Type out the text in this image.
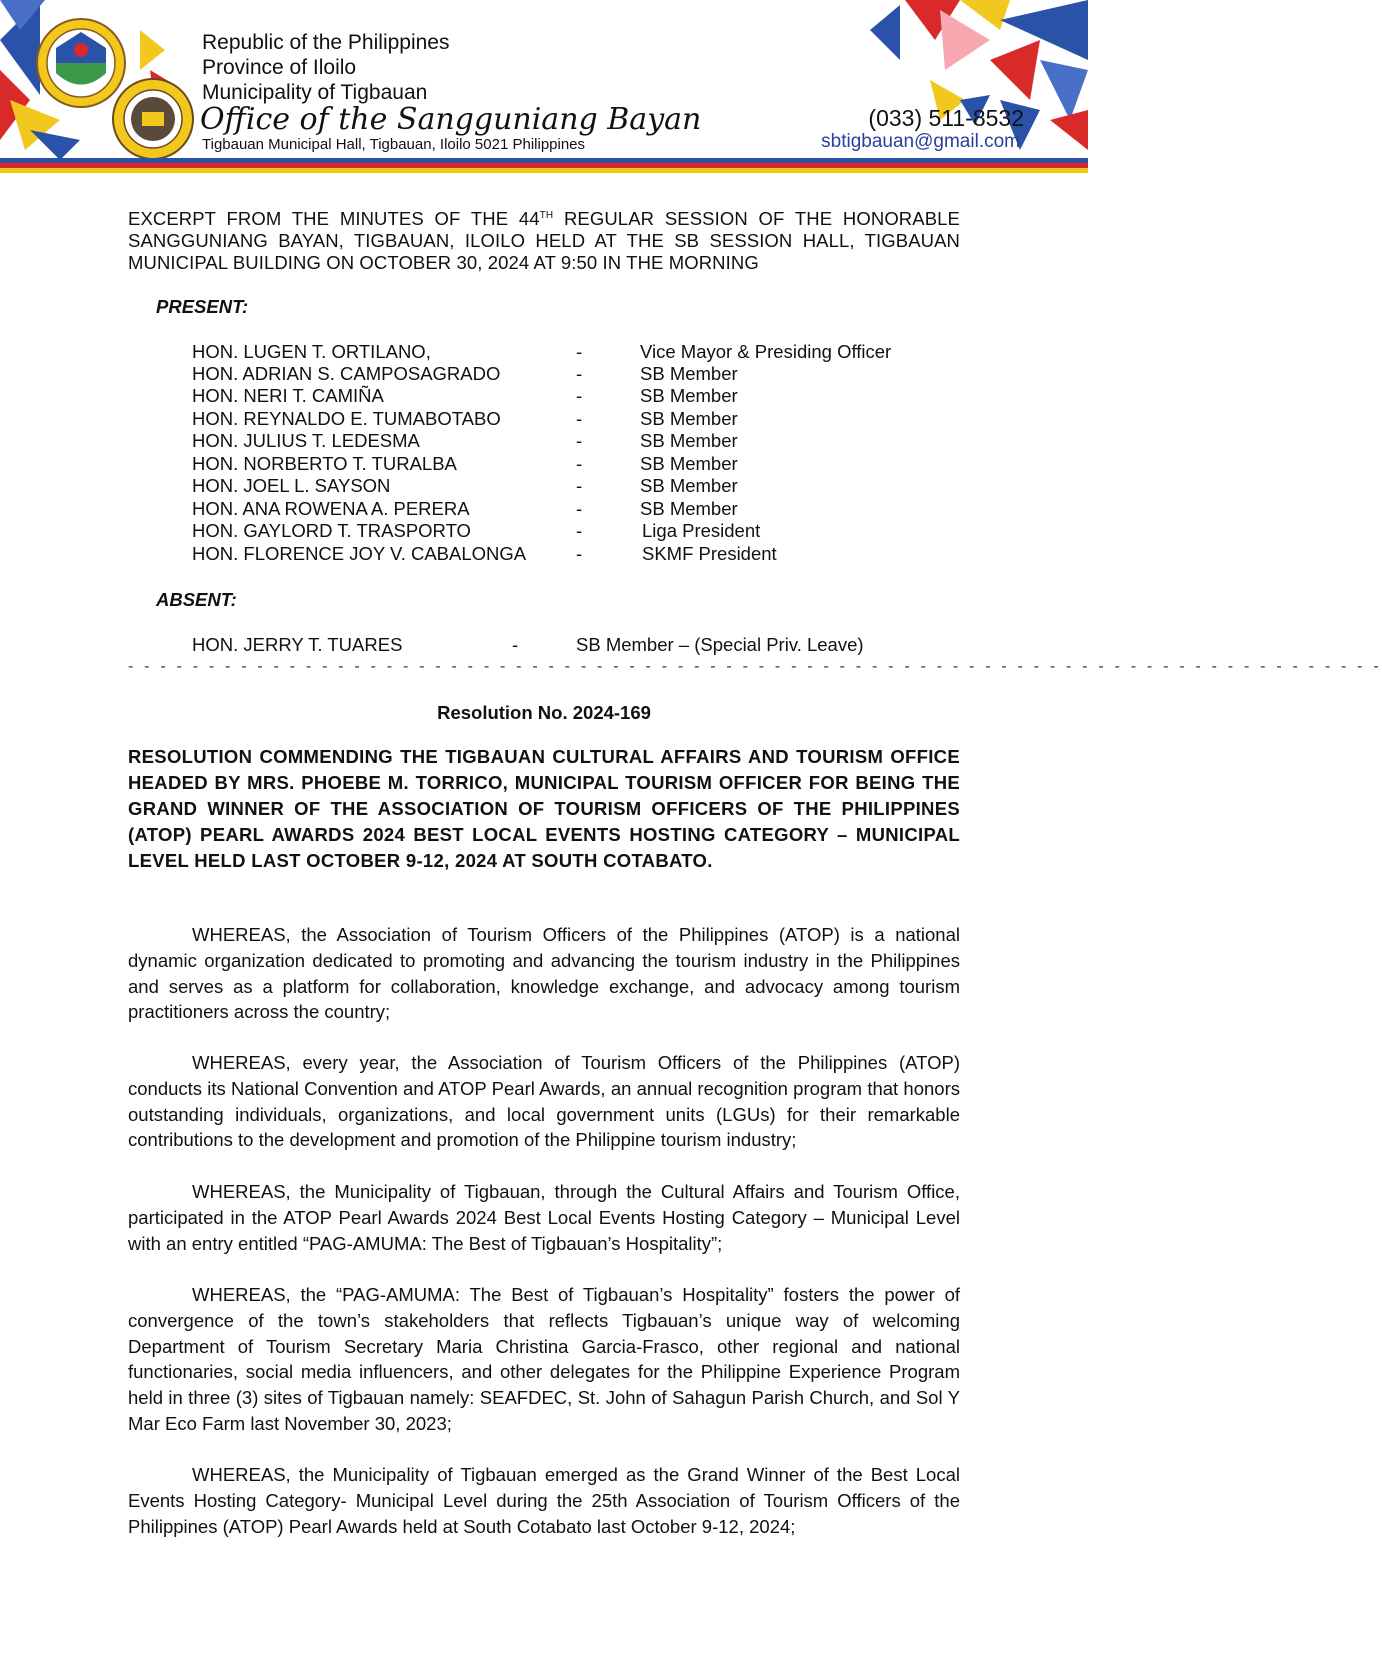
Republic of the Philippines
Province of Iloilo
Municipality of Tigbauan
Office of the Sangguniang Bayan
Tigbauan Municipal Hall, Tigbauan, Iloilo 5021 Philippines
(033) 511-8532
sbtigbauan@gmail.com
EXCERPT FROM THE MINUTES OF THE 44TH REGULAR SESSION OF THE HONORABLE SANGGUNIANG BAYAN, TIGBAUAN, ILOILO HELD AT THE SB SESSION HALL, TIGBAUAN MUNICIPAL BUILDING ON OCTOBER 30, 2024 AT 9:50 IN THE MORNING
PRESENT:
HON. LUGEN T. ORTILANO,	-	Vice Mayor & Presiding Officer
HON. ADRIAN S. CAMPOSAGRADO	-	SB Member
HON. NERI T. CAMIÑA	-	SB Member
HON. REYNALDO E. TUMABOTABO	-	SB Member
HON. JULIUS T. LEDESMA	-	SB Member
HON. NORBERTO T. TURALBA	-	SB Member
HON. JOEL L. SAYSON	-	SB Member
HON. ANA ROWENA A. PERERA	-	SB Member
HON. GAYLORD T. TRASPORTO	-	Liga President
HON. FLORENCE JOY V. CABALONGA	-	SKMF President
ABSENT:
HON. JERRY T. TUARES	-	SB Member – (Special Priv. Leave)
- - - - - - - - - - - - - - - - - - - - - - - - - - - - - - - - - - - - - - - - - - - - - - - - - - - - - - - - - - - - - - - - - - - - - - - - - - - - - -
Resolution No. 2024-169
RESOLUTION COMMENDING THE TIGBAUAN CULTURAL AFFAIRS AND TOURISM OFFICE HEADED BY MRS. PHOEBE M. TORRICO, MUNICIPAL TOURISM OFFICER FOR BEING THE GRAND WINNER OF THE ASSOCIATION OF TOURISM OFFICERS OF THE PHILIPPINES (ATOP) PEARL AWARDS 2024 BEST LOCAL EVENTS HOSTING CATEGORY – MUNICIPAL LEVEL HELD LAST OCTOBER 9-12, 2024 AT SOUTH COTABATO.
WHEREAS, the Association of Tourism Officers of the Philippines (ATOP) is a national dynamic organization dedicated to promoting and advancing the tourism industry in the Philippines and serves as a platform for collaboration, knowledge exchange, and advocacy among tourism practitioners across the country;
WHEREAS, every year, the Association of Tourism Officers of the Philippines (ATOP) conducts its National Convention and ATOP Pearl Awards, an annual recognition program that honors outstanding individuals, organizations, and local government units (LGUs) for their remarkable contributions to the development and promotion of the Philippine tourism industry;
WHEREAS, the Municipality of Tigbauan, through the Cultural Affairs and Tourism Office, participated in the ATOP Pearl Awards 2024 Best Local Events Hosting Category – Municipal Level with an entry entitled “PAG-AMUMA: The Best of Tigbauan’s Hospitality”;
WHEREAS, the “PAG-AMUMA: The Best of Tigbauan’s Hospitality” fosters the power of convergence of the town’s stakeholders that reflects Tigbauan’s unique way of welcoming Department of Tourism Secretary Maria Christina Garcia-Frasco, other regional and national functionaries, social media influencers, and other delegates for the Philippine Experience Program held in three (3) sites of Tigbauan namely: SEAFDEC, St. John of Sahagun Parish Church, and Sol Y Mar Eco Farm last November 30, 2023;
WHEREAS, the Municipality of Tigbauan emerged as the Grand Winner of the Best Local Events Hosting Category- Municipal Level during the 25th Association of Tourism Officers of the Philippines (ATOP) Pearl Awards held at South Cotabato last October 9-12, 2024;
